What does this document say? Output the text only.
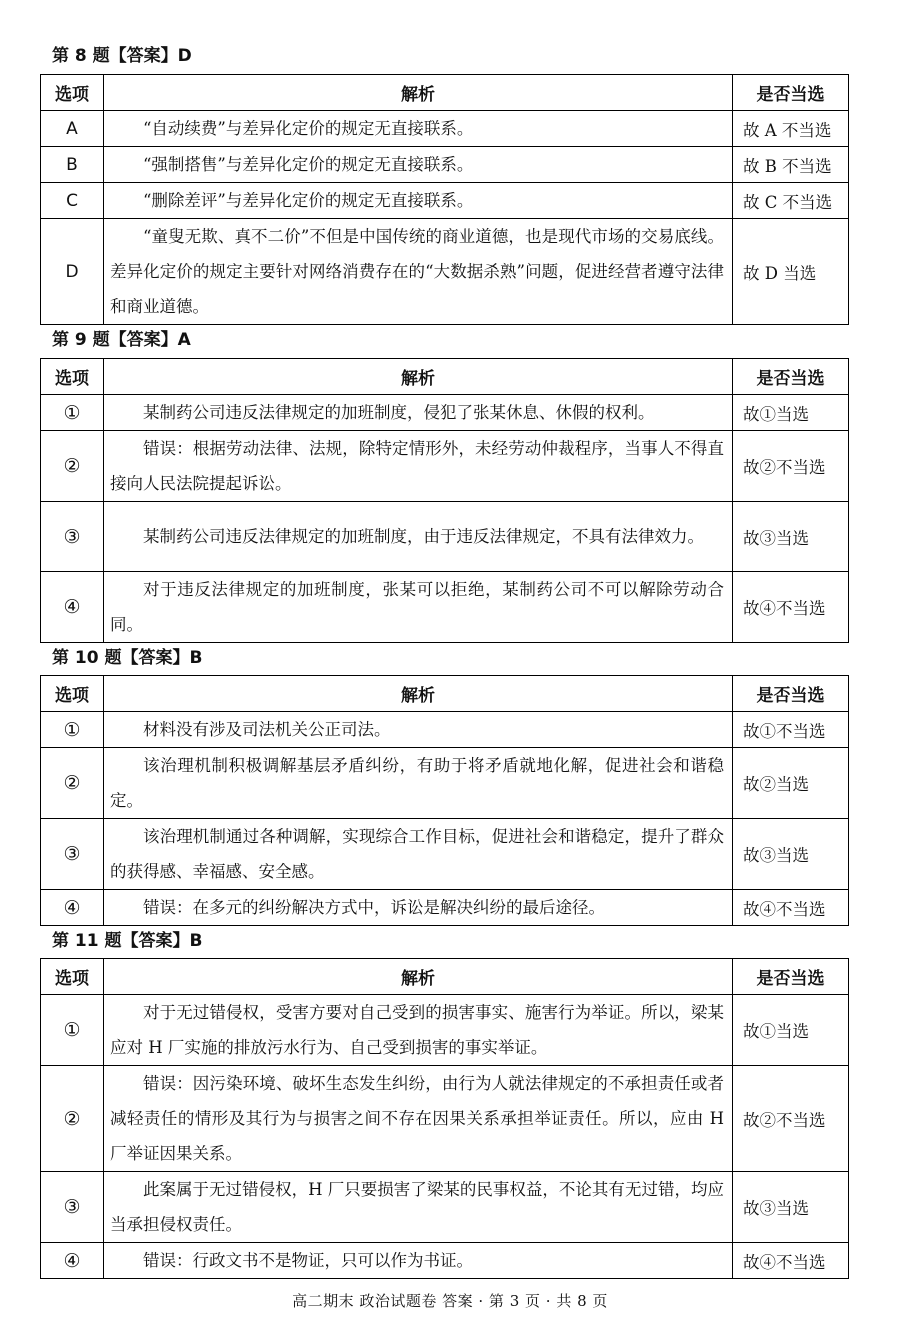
第 8 题【答案】D
选项	解析	是否当选
A	“自动续费”与差异化定价的规定无直接联系。	故 A 不当选
B	“强制搭售”与差异化定价的规定无直接联系。	故 B 不当选
C	“删除差评”与差异化定价的规定无直接联系。	故 C 不当选
D	“童叟无欺、真不二价”不但是中国传统的商业道德，也是现代市场的交易底线。差异化定价的规定主要针对网络消费存在的“大数据杀熟”问题，促进经营者遵守法律和商业道德。	故 D 当选
第 9 题【答案】A
选项	解析	是否当选
①	某制药公司违反法律规定的加班制度，侵犯了张某休息、休假的权利。	故①当选
②	错误：根据劳动法律、法规，除特定情形外，未经劳动仲裁程序，当事人不得直接向人民法院提起诉讼。	故②不当选
③	某制药公司违反法律规定的加班制度，由于违反法律规定，不具有法律效力。	故③当选
④	对于违反法律规定的加班制度，张某可以拒绝，某制药公司不可以解除劳动合同。	故④不当选
第 10 题【答案】B
选项	解析	是否当选
①	材料没有涉及司法机关公正司法。	故①不当选
②	该治理机制积极调解基层矛盾纠纷，有助于将矛盾就地化解，促进社会和谐稳定。	故②当选
③	该治理机制通过各种调解，实现综合工作目标，促进社会和谐稳定，提升了群众的获得感、幸福感、安全感。	故③当选
④	错误：在多元的纠纷解决方式中，诉讼是解决纠纷的最后途径。	故④不当选
第 11 题【答案】B
选项	解析	是否当选
①	对于无过错侵权，受害方要对自己受到的损害事实、施害行为举证。所以，梁某应对 H 厂实施的排放污水行为、自己受到损害的事实举证。	故①当选
②	错误：因污染环境、破坏生态发生纠纷，由行为人就法律规定的不承担责任或者减轻责任的情形及其行为与损害之间不存在因果关系承担举证责任。所以，应由 H 厂举证因果关系。	故②不当选
③	此案属于无过错侵权，H 厂只要损害了梁某的民事权益，不论其有无过错，均应当承担侵权责任。	故③当选
④	错误：行政文书不是物证，只可以作为书证。	故④不当选
高二期末 政治试题卷 答案 · 第 3 页 · 共 8 页
